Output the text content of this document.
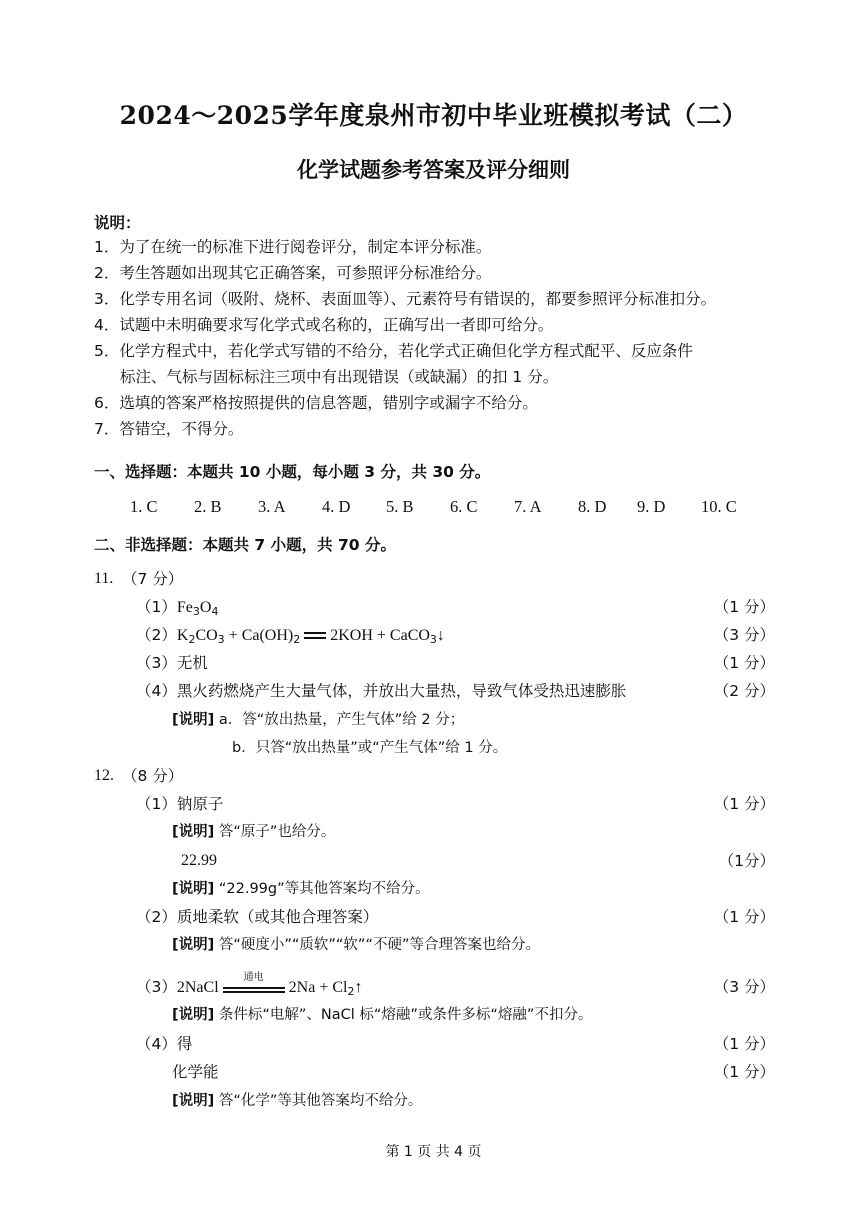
2024～2025学年度泉州市初中毕业班模拟考试（二）
化学试题参考答案及评分细则
说明：
1．为了在统一的标准下进行阅卷评分，制定本评分标准。
2．考生答题如出现其它正确答案，可参照评分标准给分。
3．化学专用名词（吸附、烧杯、表面皿等）、元素符号有错误的，都要参照评分标准扣分。
4．试题中未明确要求写化学式或名称的，正确写出一者即可给分。
5．化学方程式中，若化学式写错的不给分，若化学式正确但化学方程式配平、反应条件
标注、气标与固标标注三项中有出现错误（或缺漏）的扣 1 分。
6．选填的答案严格按照提供的信息答题，错别字或漏字不给分。
7．答错空，不得分。
一、选择题：本题共 10 小题，每小题 3 分，共 30 分。
1. C 2. B 3. A 4. D 5. B 6. C 7. A 8. D 9. D 10. C
二、非选择题：本题共 7 小题，共 70 分。
11. （7 分）
$(1)Fe_3O_4$	（1 分）
$(2)K_2CO_3 + Ca(OH)_2$ 2KOH + CaCO$_3$↓	（3 分）
（3）无机	（1 分）
（4）黑火药燃烧产生大量气体，并放出大量热，导致气体受热迅速膨胀	（2 分）
[说明] a．答“放出热量，产生气体”给 2 分；
b．只答“放出热量”或“产生气体”给 1 分。
12. （8 分）
（1）钠原子	（1 分）
[说明] 答“原子”也给分。
22.99	（1分）
[说明] “22.99g”等其他答案均不给分。
（2）质地柔软（或其他合理答案）	（1 分）
[说明] 答“硬度小”“质软”“软”“不硬”等合理答案也给分。
（3）2NaCl
通电
$2Na + Cl_2↑$	（3 分）
[说明] 条件标“电解”、NaCl 标“熔融”或条件多标“熔融”不扣分。
（4）得	（1 分）
化学能	（1 分）
[说明] 答“化学”等其他答案均不给分。
第 1 页 共 4 页
